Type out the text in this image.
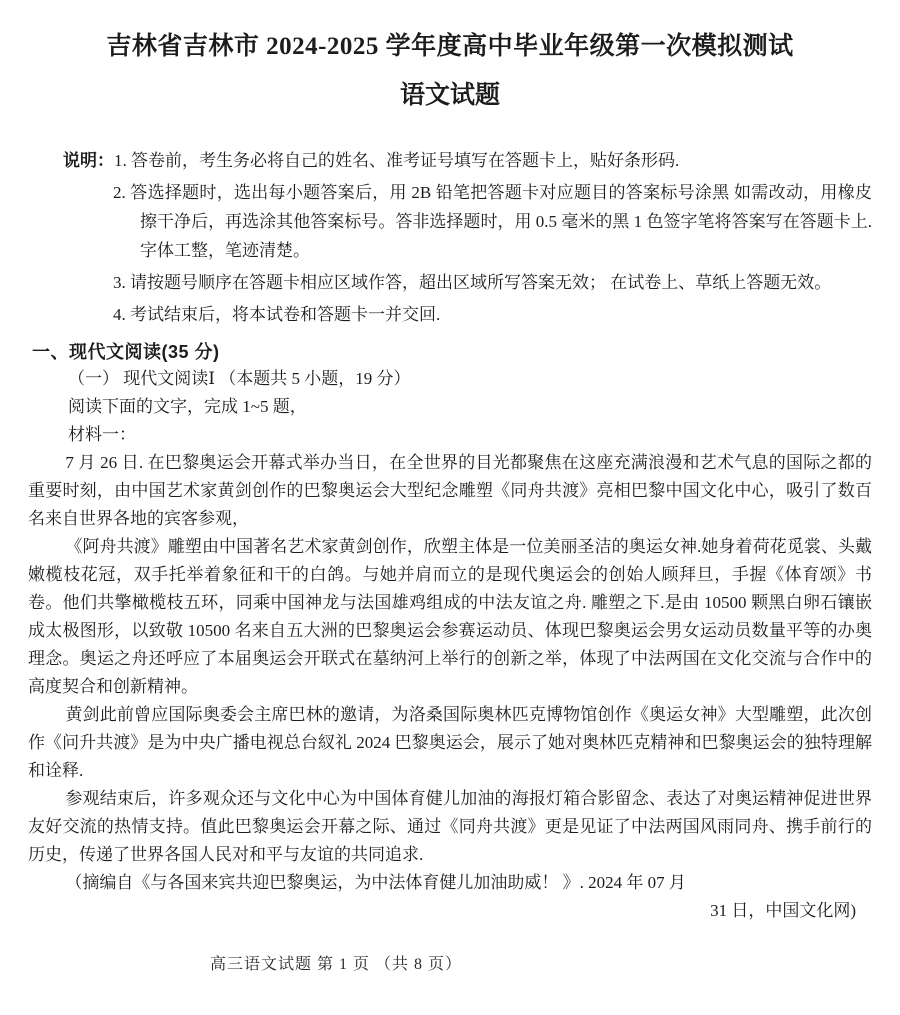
吉林省吉林市 2024-2025 学年度高中毕业年级第一次模拟测试
语文试题
说明：1. 答卷前，考生务必将自己的姓名、准考证号填写在答题卡上，贴好条形码.
2. 答选择题时，选出每小题答案后，用 2B 铅笔把答题卡对应题目的答案标号涂黑 如需改动，用橡皮擦干净后，再选涂其他答案标号。答非选择题时，用 0.5 毫米的黑 1 色签字笔将答案写在答题卡上. 字体工整，笔迹清楚。
3. 请按题号顺序在答题卡相应区域作答，超出区域所写答案无效； 在试卷上、草纸上答题无效。
4. 考试结束后，将本试卷和答题卡一并交回.
一、现代文阅读(35 分)
（一） 现代文阅读Ⅰ （本题共 5 小题，19 分）
阅读下面的文字，完成 1~5 题，
材料一：

7 月 26 日. 在巴黎奥运会开幕式举办当日，在全世界的目光都聚焦在这座充满浪漫和艺术气息的国际之都的重要时刻，由中国艺术家黄剑创作的巴黎奥运会大型纪念雕塑《同舟共渡》亮相巴黎中国文化中心，吸引了数百名来自世界各地的宾客参观，

《阿舟共渡》雕塑由中国著名艺术家黄剑创作，欣塑主体是一位美丽圣洁的奥运女神.她身着荷花觅裳、头戴嫩榄枝花冠，双手托举着象征和干的白鸽。与她并肩而立的是现代奥运会的创始人顾拜旦，手握《体育颂》书卷。他们共擎橄榄枝五环，同乘中国神龙与法国雄鸡组成的中法友谊之舟. 雕塑之下.是由 10500 颗黑白卵石镶嵌成太极图形，以致敬 10500 名来自五大洲的巴黎奥运会参赛运动员、体现巴黎奥运会男女运动员数量平等的办奥理念。奥运之舟还呼应了本届奥运会开联式在墓纳河上举行的创新之举，体现了中法两国在文化交流与合作中的高度契合和创新精神。

黄剑此前曾应国际奥委会主席巴林的邀请，为洛桑国际奥林匹克博物馆创作《奥运女神》大型雕塑，此次创作《问升共渡》是为中央广播电视总台紁礼 2024 巴黎奥运会，展示了她对奥林匹克精神和巴黎奥运会的独特理解和诠释.

参观结束后，许多观众还与文化中心为中国体育健儿加油的海报灯箱合影留念、表达了对奥运精神促进世界友好交流的热情支持。值此巴黎奥运会开幕之际、通过《同舟共渡》更是见证了中法两国风雨同舟、携手前行的历史，传递了世界各国人民对和平与友谊的共同追求.

（摘编自《与各国来宾共迎巴黎奥运，为中法体育健儿加油助威！ 》. 2024 年 07 月

31 日，中国文化网)

高三语文试题 第 1 页 （共 8 页）
